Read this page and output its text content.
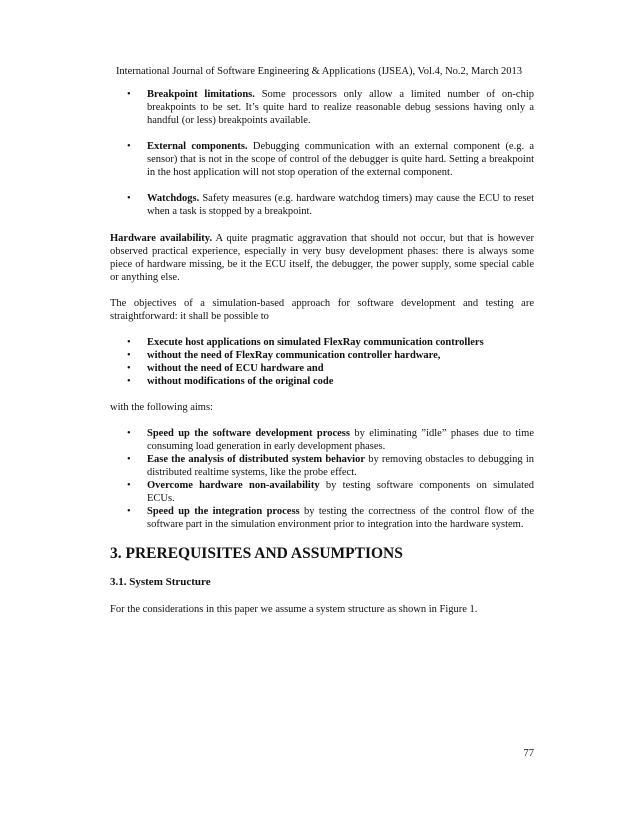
International Journal of Software Engineering & Applications (IJSEA), Vol.4, No.2, March 2013
• Breakpoint limitations. Some processors only allow a limited number of on-chip breakpoints to be set. It’s quite hard to realize reasonable debug sessions having only a handful (or less) breakpoints available.
• External components. Debugging communication with an external component (e.g. a sensor) that is not in the scope of control of the debugger is quite hard. Setting a breakpoint in the host application will not stop operation of the external component.
• Watchdogs. Safety measures (e.g. hardware watchdog timers) may cause the ECU to reset when a task is stopped by a breakpoint.

Hardware availability. A quite pragmatic aggravation that should not occur, but that is however observed practical experience, especially in very busy development phases: there is always some piece of hardware missing, be it the ECU itself, the debugger, the power supply, some special cable or anything else.

The objectives of a simulation-based approach for software development and testing are straightforward: it shall be possible to

• Execute host applications on simulated FlexRay communication controllers
• without the need of FlexRay communication controller hardware,
• without the need of ECU hardware and
• without modifications of the original code

with the following aims:

• Speed up the software development process by eliminating ”idle” phases due to time consuming load generation in early development phases.
• Ease the analysis of distributed system behavior by removing obstacles to debugging in distributed realtime systems, like the probe effect.
• Overcome hardware non-availability by testing software components on simulated ECUs.
• Speed up the integration process by testing the correctness of the control flow of the software part in the simulation environment prior to integration into the hardware system.
3. PREREQUISITES AND ASSUMPTIONS
3.1. System Structure

For the considerations in this paper we assume a system structure as shown in Figure 1.

77
